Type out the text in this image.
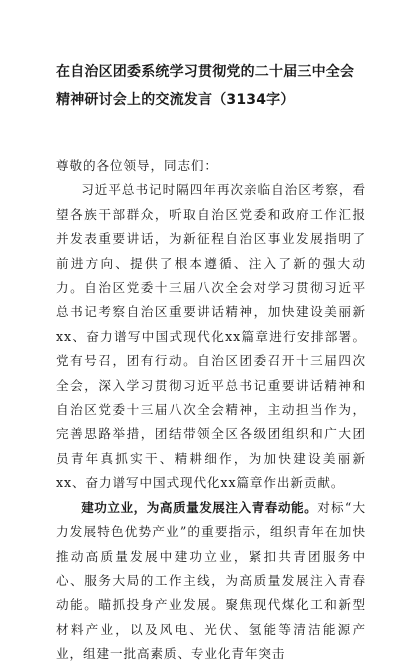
在自治区团委系统学习贯彻党的二十届三中全会精神研讨会上的交流发言（3134字）
尊敬的各位领导，同志们：

习近平总书记时隔四年再次亲临自治区考察，看望各族干部群众，听取自治区党委和政府工作汇报并发表重要讲话，为新征程自治区事业发展指明了前进方向、提供了根本遵循、注入了新的强大动力。自治区党委十三届八次全会对学习贯彻习近平总书记考察自治区重要讲话精神，加快建设美丽新xx、奋力谱写中国式现代化xx篇章进行安排部署。党有号召，团有行动。自治区团委召开十三届四次全会，深入学习贯彻习近平总书记重要讲话精神和自治区党委十三届八次全会精神，主动担当作为，完善思路举措，团结带领全区各级团组织和广大团员青年真抓实干、精耕细作，为加快建设美丽新xx、奋力谱写中国式现代化xx篇章作出新贡献。

建功立业，为高质量发展注入青春动能。对标“大力发展特色优势产业”的重要指示，组织青年在加快推动高质量发展中建功立业，紧扣共青团服务中心、服务大局的工作主线，为高质量发展注入青春动能。瞄抓投身产业发展。聚焦现代煤化工和新型材料产业，以及风电、光伏、氢能等清洁能源产业，组建一批高素质、专业化青年突击
